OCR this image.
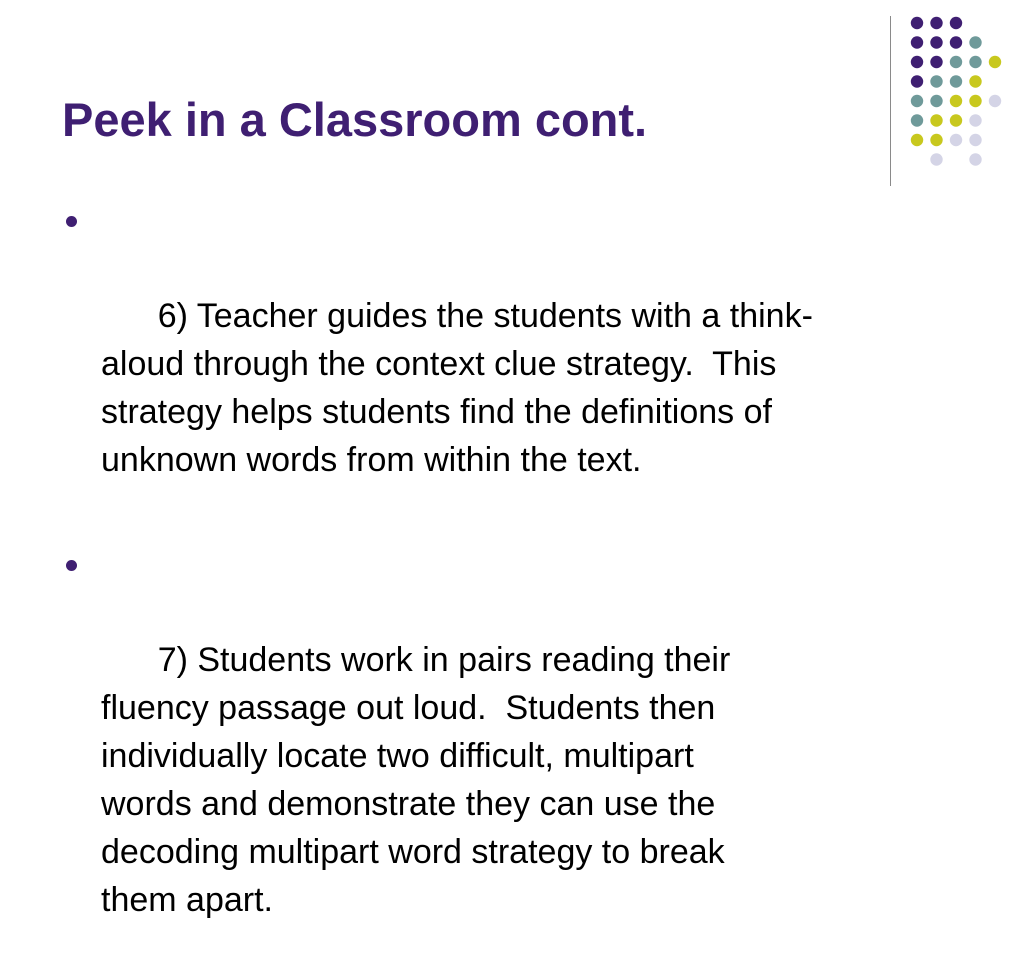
Peek in a Classroom cont.

6) Teacher guides the students with a think-
aloud through the context clue strategy.  This
strategy helps students find the definitions of
unknown words from within the text.

7) Students work in pairs reading their
fluency passage out loud.  Students then
individually locate two difficult, multipart
words and demonstrate they can use the
decoding multipart word strategy to break
them apart.
